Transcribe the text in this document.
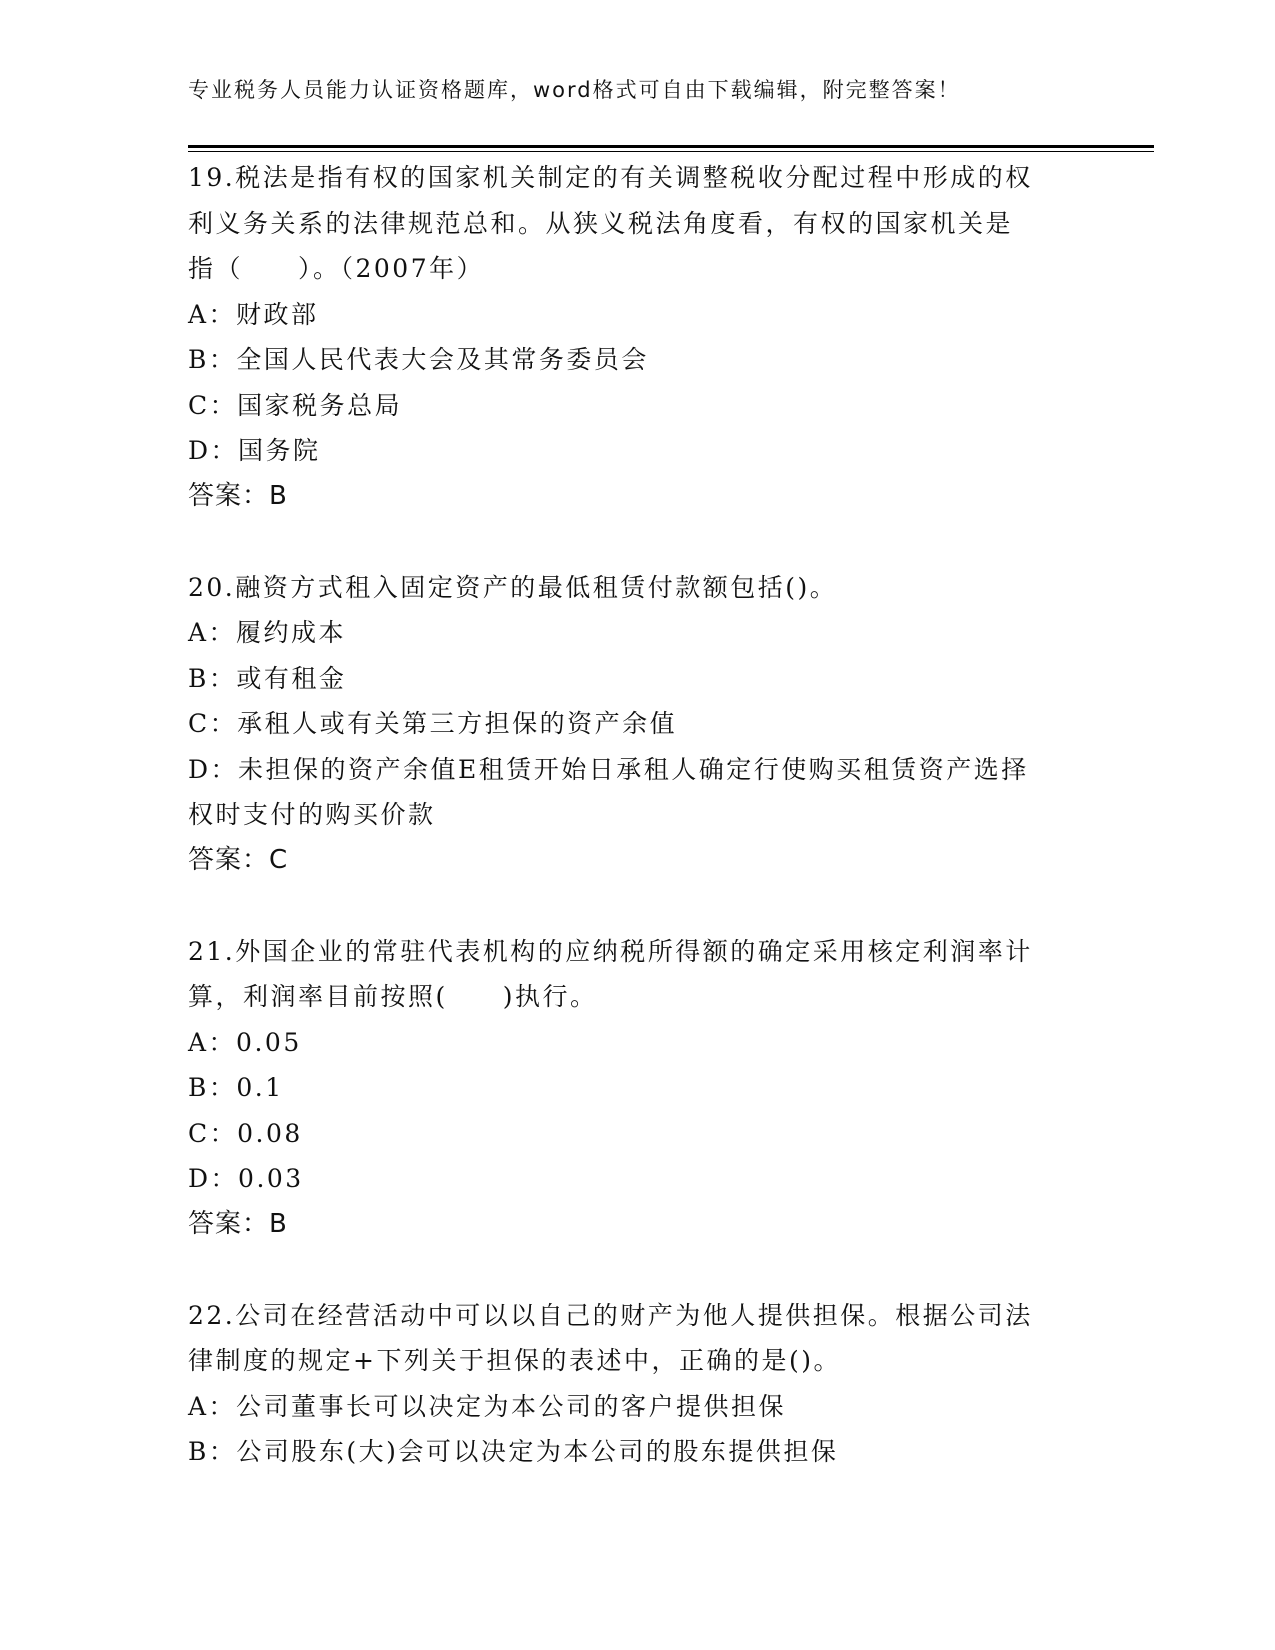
专业税务人员能力认证资格题库，word格式可自由下载编辑，附完整答案！
19.税法是指有权的国家机关制定的有关调整税收分配过程中形成的权
利义务关系的法律规范总和。从狭义税法角度看，有权的国家机关是
指（　　）。（2007年）
A：财政部
B：全国人民代表大会及其常务委员会
C：国家税务总局
D：国务院
答案：B
20.融资方式租入固定资产的最低租赁付款额包括()。
A：履约成本
B：或有租金
C：承租人或有关第三方担保的资产余值
D：未担保的资产余值E租赁开始日承租人确定行使购买租赁资产选择
权时支付的购买价款
答案：C
21.外国企业的常驻代表机构的应纳税所得额的确定采用核定利润率计
算，利润率目前按照(　　)执行。
A：0.05
B：0.1
C：0.08
D：0.03
答案：B
22.公司在经营活动中可以以自己的财产为他人提供担保。根据公司法
律制度的规定+下列关于担保的表述中，正确的是()。
A：公司董事长可以决定为本公司的客户提供担保
B：公司股东(大)会可以决定为本公司的股东提供担保
